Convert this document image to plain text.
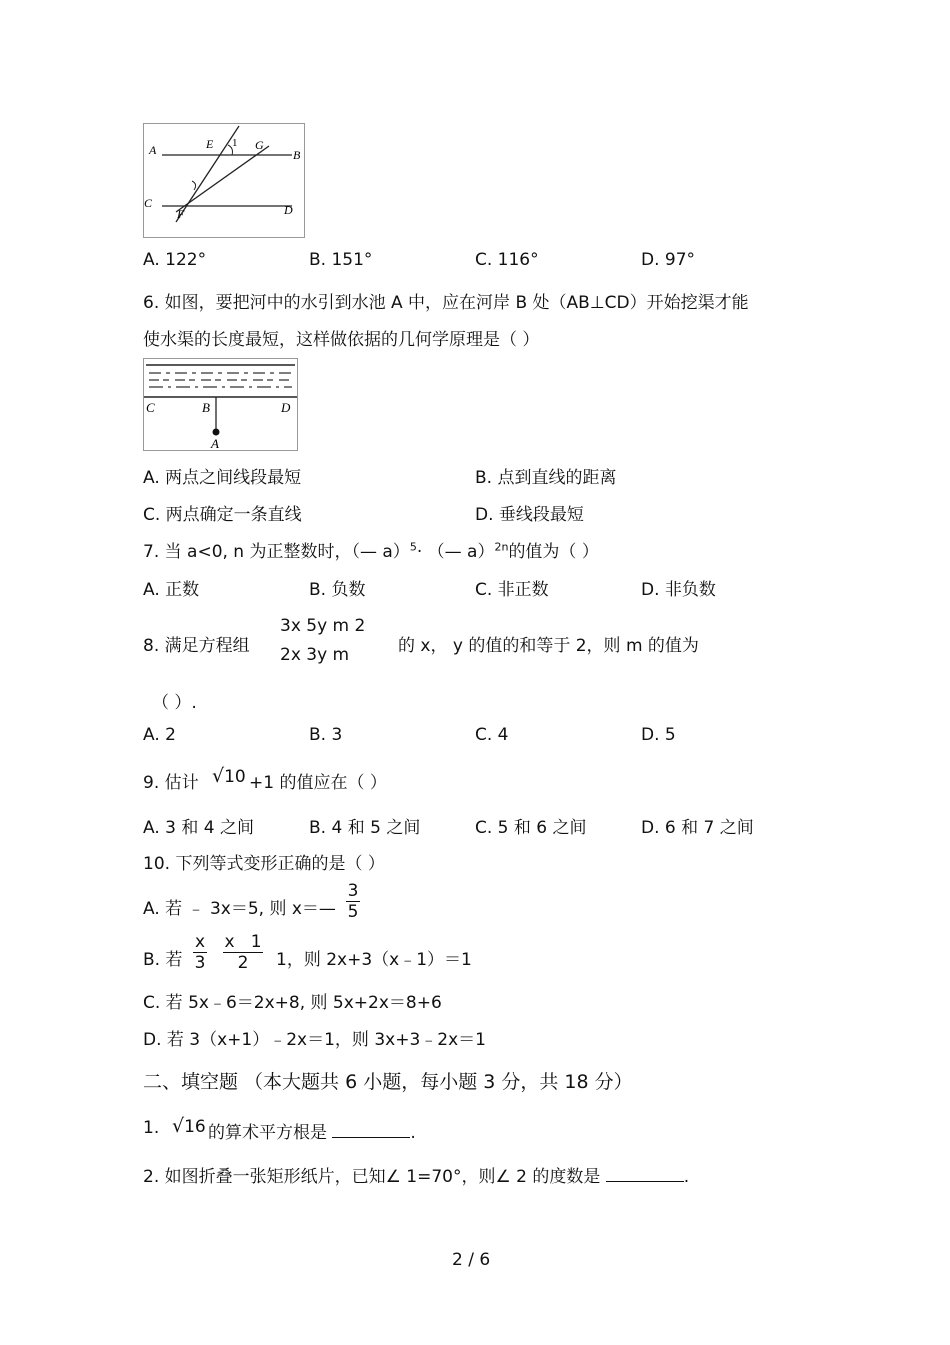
A	E 1 G
B
C
F	D
A. 122°	B. 151°	C. 116°	D. 97°
6. 如图，要把河中的水引到水池 A 中，应在河岸 B 处（AB⊥CD）开始挖渠才能
使水渠的长度最短，这样做依据的几何学原理是（ ）
C	B	D
A
A. 两点之间线段最短	B. 点到直线的距离
C. 两点确定一条直线	D. 垂线段最短
7. 当 a<0, n 为正整数时，（— a）$^5$· （— a）$^{2n}$的值为（ ）
A. 正数	B. 负数	C. 非正数	D. 非负数
8. 满足方程组
3x 5y m 2
2x 3y m	的 x， y 的值的和等于 2，则 m 的值为
（ ）.
A. 2	B. 3	C. 4	D. 5
9. 估计 √10 +1 的值应在（ ）
A. 3 和 4 之间	B. 4 和 5 之间	C. 5 和 6 之间	D. 6 和 7 之间
10. 下列等式变形正确的是（ ）
A. 若 ﹣ 3x＝5, 则 x＝— $\frac{3}{5}$
B. 若 $\frac{x}{3} \frac{x 1}{2} 1$，则 2x+3（x﹣1）＝1
C. 若 5x﹣6＝2x+8, 则 5x+2x＝8+6
D. 若 3（x+1）﹣2x＝1，则 3x+3﹣2x＝1
二、填空题 （本大题共 6 小题，每小题 3 分，共 18 分）
1. √16 的算术平方根是	.
2. 如图折叠一张矩形纸片，已知∠ 1=70°，则∠ 2 的度数是	.
2 / 6
